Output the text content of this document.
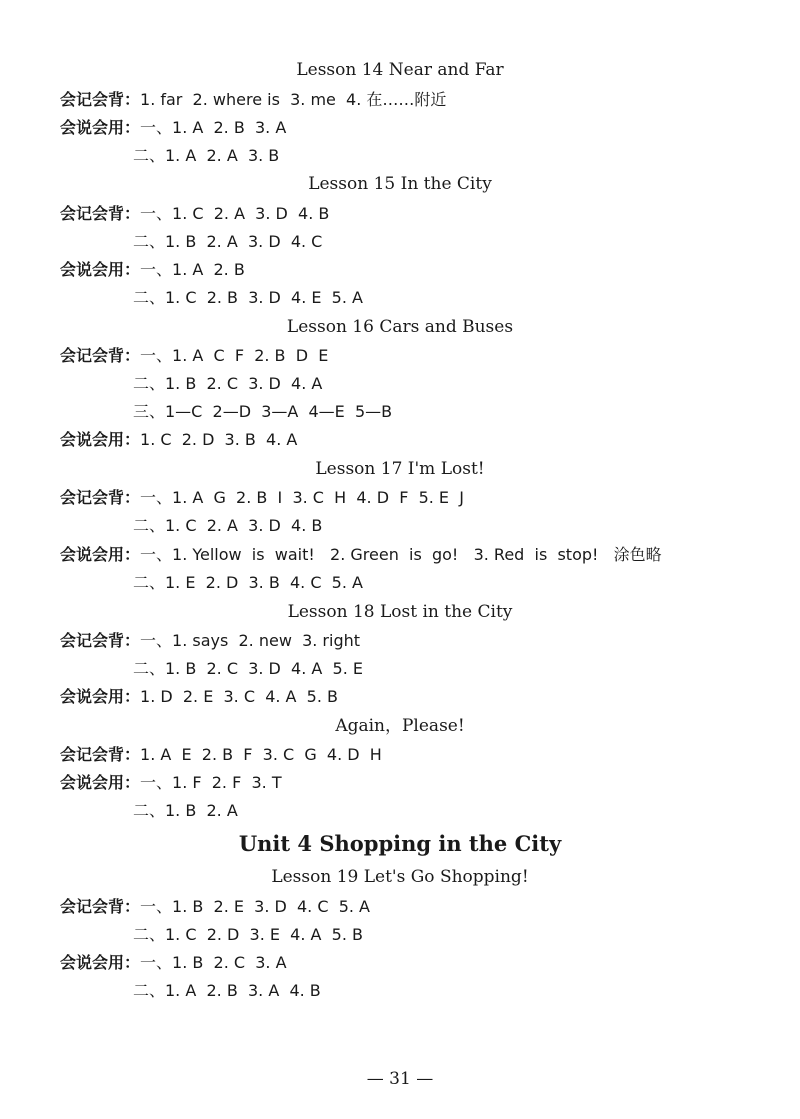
Lesson 14 Near and Far
会记会背：1. far  2. where is  3. me  4. 在……附近
会说会用：一、1. A  2. B  3. A
二、1. A  2. A  3. B
Lesson 15 In the City
会记会背：一、1. C  2. A  3. D  4. B
二、1. B  2. A  3. D  4. C
会说会用：一、1. A  2. B
二、1. C  2. B  3. D  4. E  5. A
Lesson 16 Cars and Buses
会记会背：一、1. A  C  F  2. B  D  E
二、1. B  2. C  3. D  4. A
三、1—C  2—D  3—A  4—E  5—B
会说会用：1. C  2. D  3. B  4. A
Lesson 17 I'm Lost!
会记会背：一、1. A  G  2. B  I  3. C  H  4. D  F  5. E  J
二、1. C  2. A  3. D  4. B
会说会用：一、1. Yellow  is  wait!   2. Green  is  go!   3. Red  is  stop!   涂色略
二、1. E  2. D  3. B  4. C  5. A
Lesson 18 Lost in the City
会记会背：一、1. says  2. new  3. right
二、1. B  2. C  3. D  4. A  5. E
会说会用：1. D  2. E  3. C  4. A  5. B
Again，Please!
会记会背：1. A  E  2. B  F  3. C  G  4. D  H
会说会用：一、1. F  2. F  3. T
二、1. B  2. A
Unit 4 Shopping in the City
Lesson 19 Let's Go Shopping!
会记会背：一、1. B  2. E  3. D  4. C  5. A
二、1. C  2. D  3. E  4. A  5. B
会说会用：一、1. B  2. C  3. A
二、1. A  2. B  3. A  4. B
— 31 —
